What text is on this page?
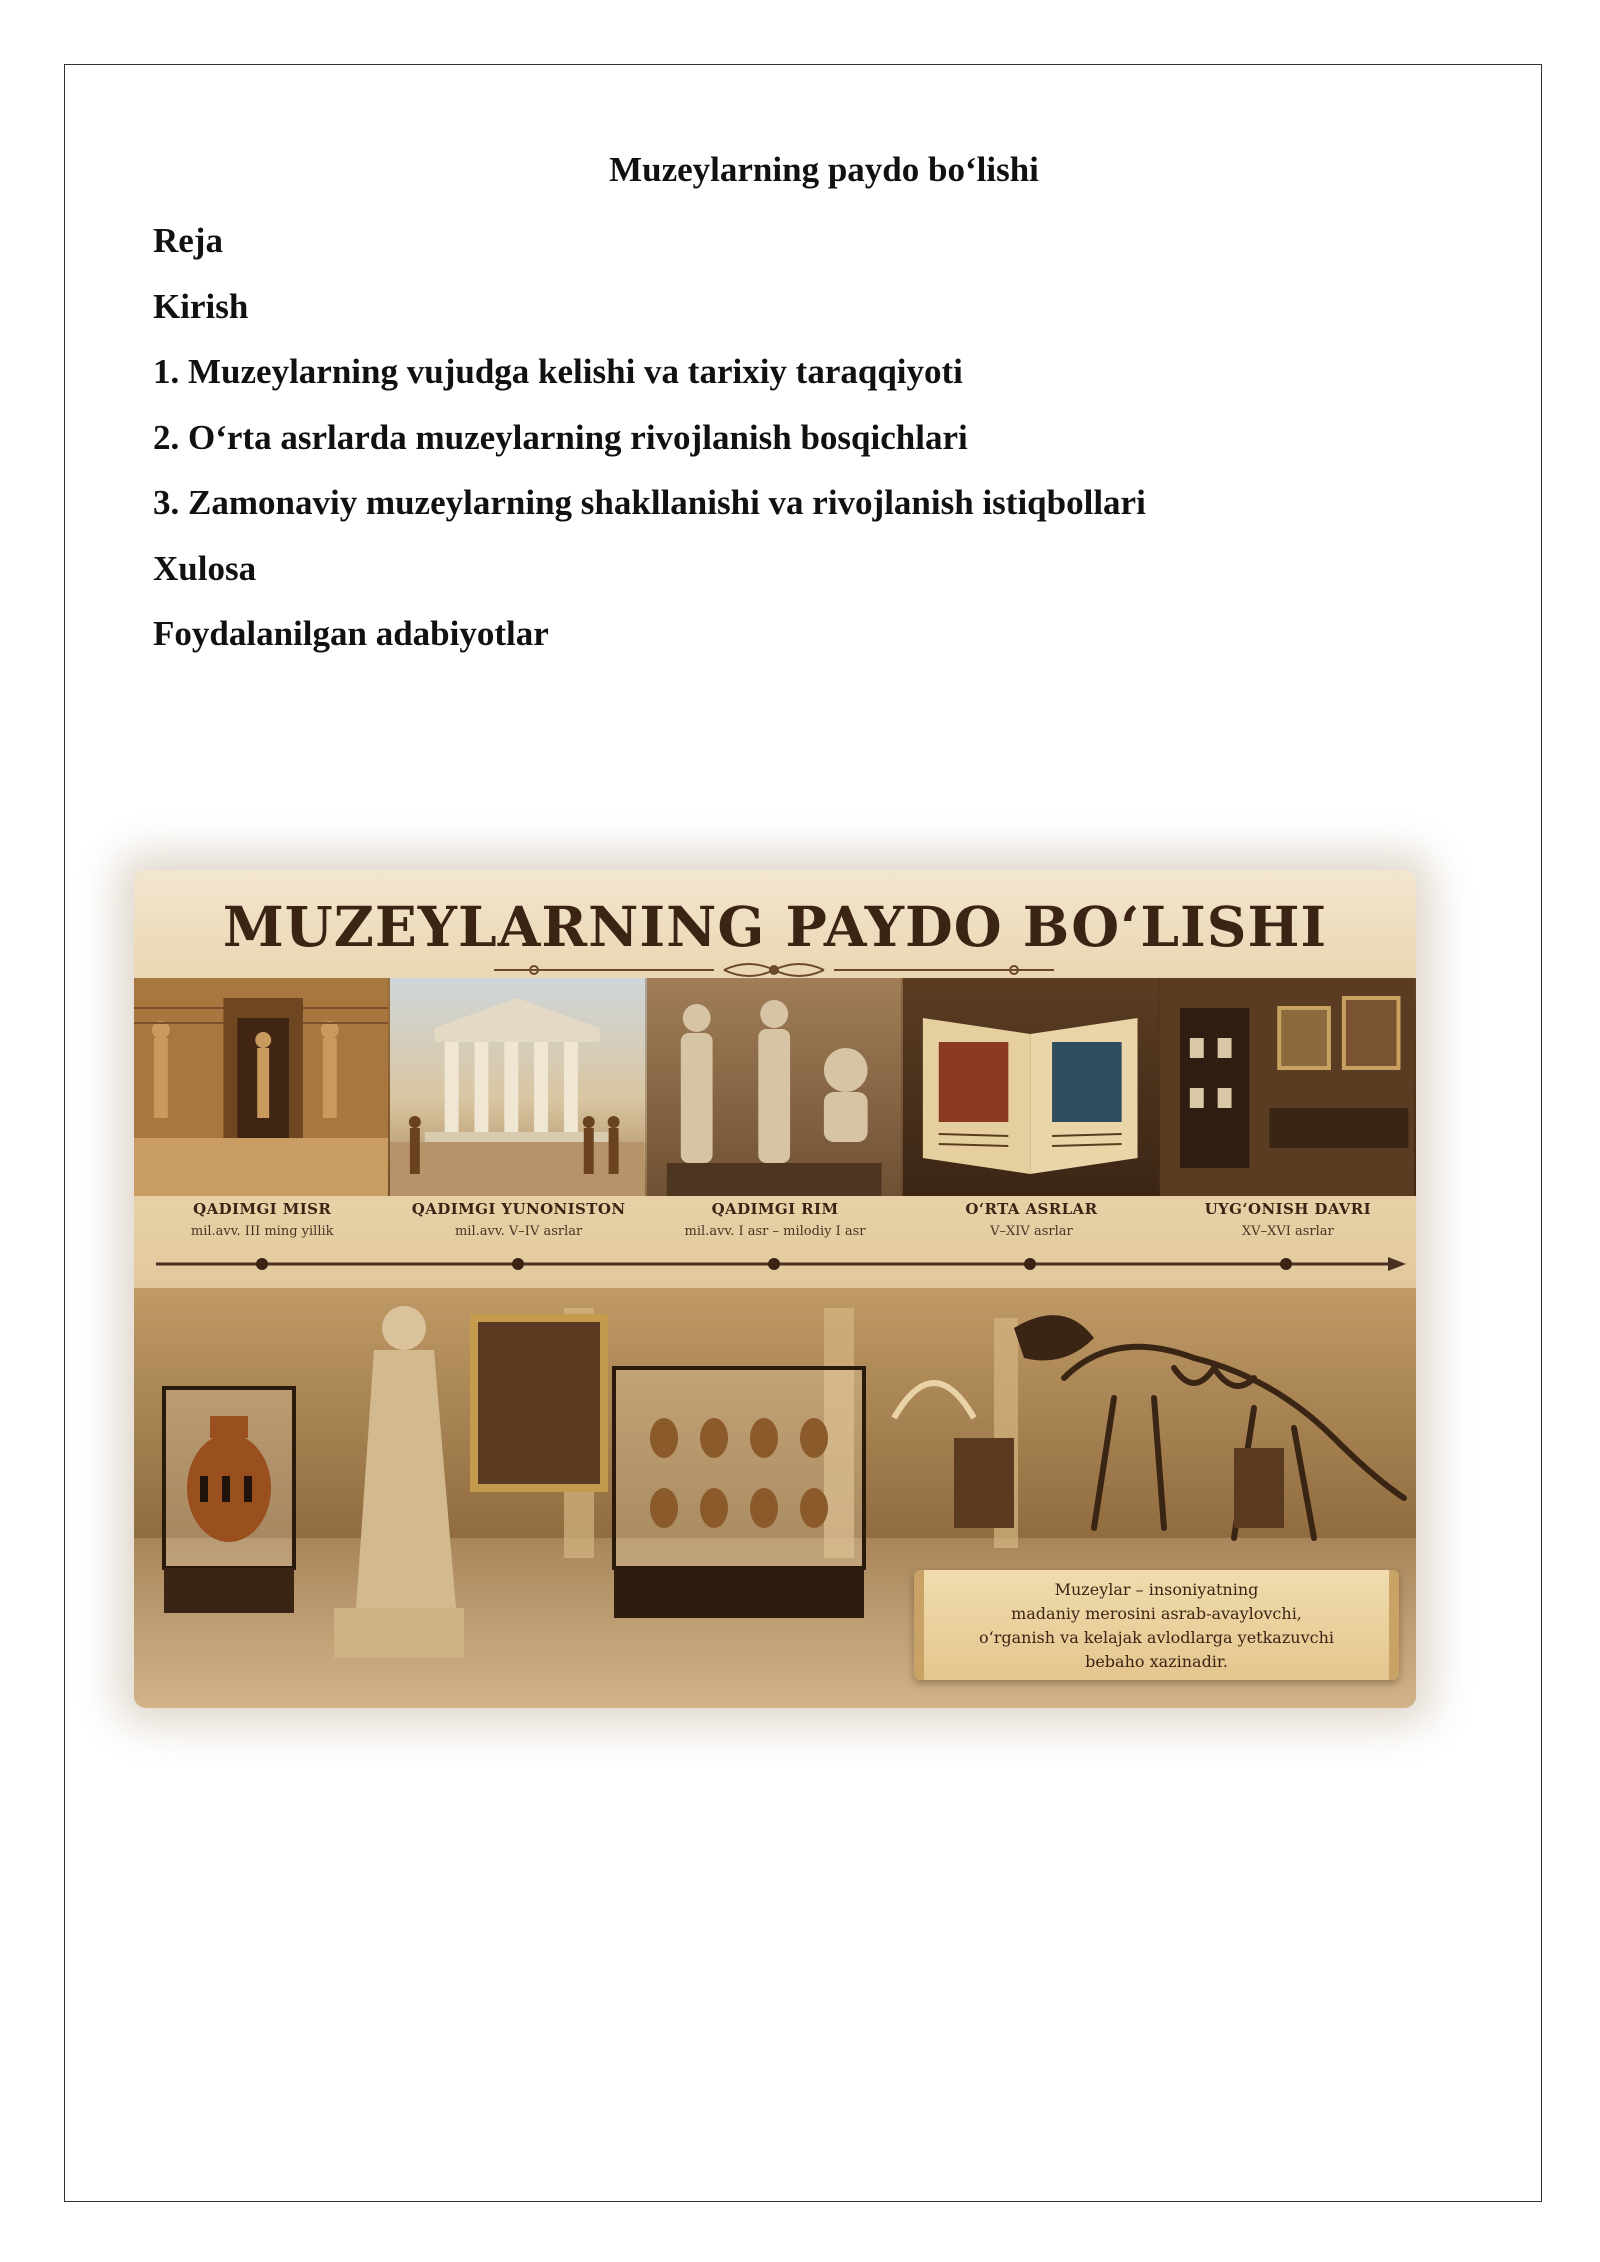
Muzeylarning paydo bo‘lishi
Reja
Kirish
1. Muzeylarning vujudga kelishi va tarixiy taraqqiyoti
2. O‘rta asrlarda muzeylarning rivojlanish bosqichlari
3. Zamonaviy muzeylarning shakllanishi va rivojlanish istiqbollari
Xulosa
Foydalanilgan adabiyotlar
MUZEYLARNING PAYDO BO‘LISHI
QADIMGI MISR
mil.avv. III ming yillik
QADIMGI YUNONISTON
mil.avv. V–IV asrlar
QADIMGI RIM
mil.avv. I asr – milodiy I asr
O‘RTA ASRLAR
V–XIV asrlar
UYG‘ONISH DAVRI
XV–XVI asrlar
Muzeylar – insoniyatning
madaniy merosini asrab-avaylovchi,
o‘rganish va kelajak avlodlarga yetkazuvchi
bebaho xazinadir.
